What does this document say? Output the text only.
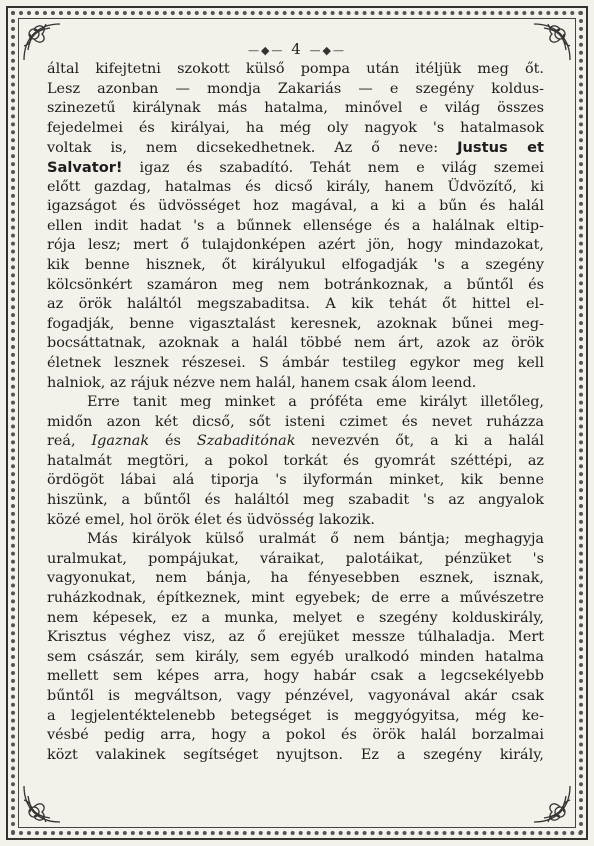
—◆— 4 —◆—
által kifejtetni szokott külső pompa után itéljük meg őt.
Lesz azonban — mondja Zakariás — e szegény koldus-
szinezetű királynak más hatalma, minővel e világ összes
fejedelmei és királyai, ha még oly nagyok 's hatalmasok
voltak is, nem dicsekedhetnek. Az ő neve: Justus et
Salvator! igaz és szabadító. Tehát nem e világ szemei
előtt gazdag, hatalmas és dicső király, hanem Üdvözítő, ki
igazságot és üdvösséget hoz magával, a ki a bűn és halál
ellen indit hadat 's a bűnnek ellensége és a halálnak eltip-
rója lesz; mert ő tulajdonképen azért jön, hogy mindazokat,
kik benne hisznek, őt királyukul elfogadják 's a szegény
kölcsönkért szamáron meg nem botránkoznak, a bűntől és
az örök haláltól megszabaditsa. A kik tehát őt hittel el-
fogadják, benne vigasztalást keresnek, azoknak bűnei meg-
bocsáttatnak, azoknak a halál többé nem árt, azok az örök
életnek lesznek részesei. S ámbár testileg egykor meg kell
halniok, az rájuk nézve nem halál, hanem csak álom leend.
Erre tanit meg minket a próféta eme királyt illetőleg,
midőn azon két dicső, sőt isteni czimet és nevet ruházza
reá, Igaznak és Szabaditónak nevezvén őt, a ki a halál
hatalmát megtöri, a pokol torkát és gyomrát széttépi, az
ördögöt lábai alá tiporja 's ilyformán minket, kik benne
hiszünk, a bűntől és haláltól meg szabadit 's az angyalok
közé emel, hol örök élet és üdvösség lakozik.
Más királyok külső uralmát ő nem bántja; meghagyja
uralmukat, pompájukat, váraikat, palotáikat, pénzüket 's
vagyonukat, nem bánja, ha fényesebben esznek, isznak,
ruházkodnak, építkeznek, mint egyebek; de erre a művészetre
nem képesek, ez a munka, melyet e szegény kolduskirály,
Krisztus véghez visz, az ő erejüket messze túlhaladja. Mert
sem császár, sem király, sem egyéb uralkodó minden hatalma
mellett sem képes arra, hogy habár csak a legcsekélyebb
bűntől is megváltson, vagy pénzével, vagyonával akár csak
a legjelentéktelenebb betegséget is meggyógyitsa, még ke-
vésbé pedig arra, hogy a pokol és örök halál borzalmai
közt valakinek segítséget nyujtson. Ez a szegény király,
